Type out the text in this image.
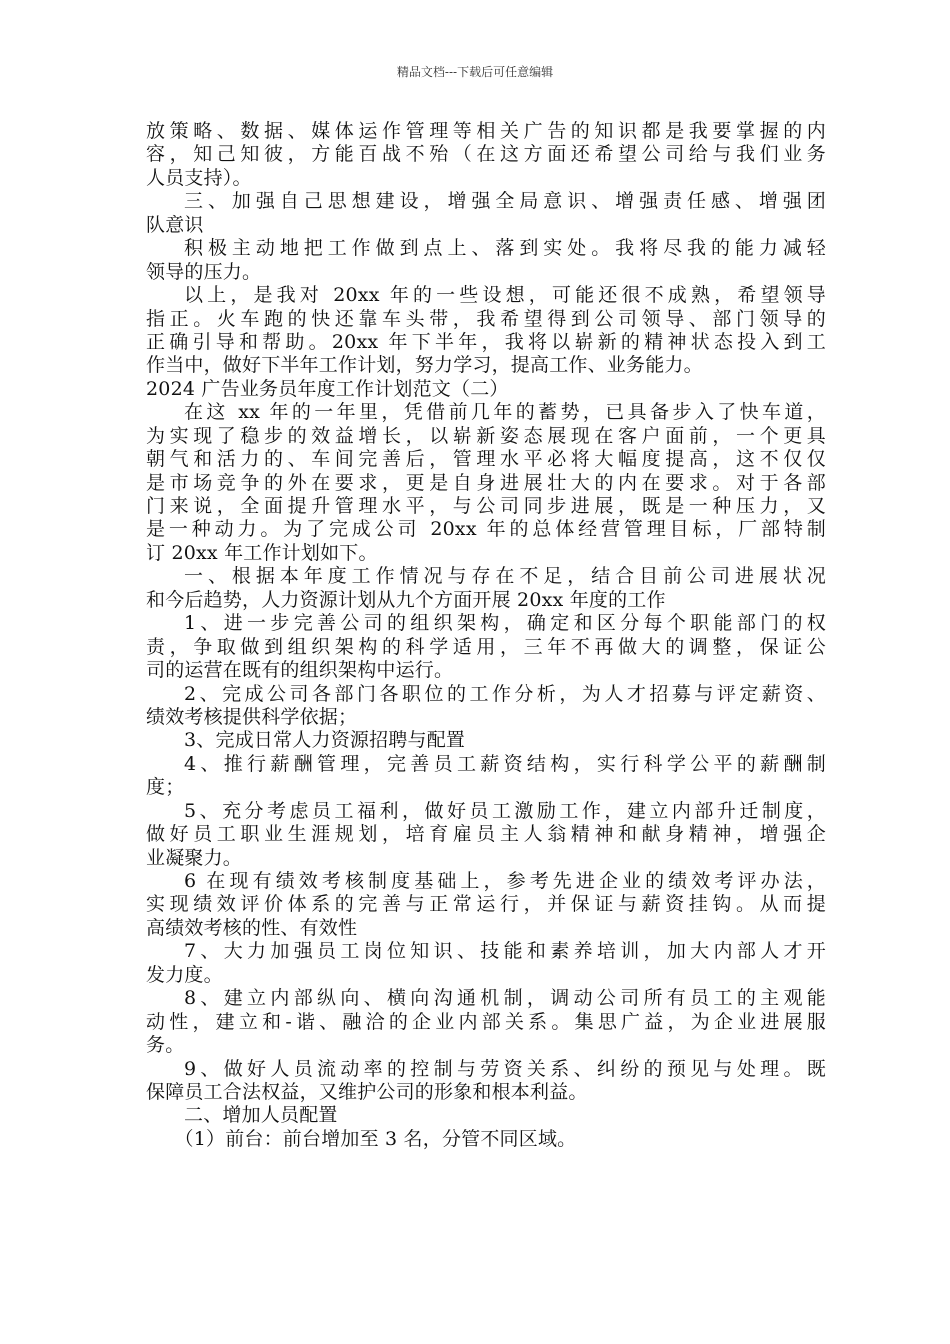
精品文档---下载后可任意编辑
放策略、数据、媒体运作管理等相关广告的知识都是我要掌握的内
容，知己知彼，方能百战不殆（在这方面还希望公司给与我们业务
人员支持）。
三、加强自己思想建设，增强全局意识、增强责任感、增强团
队意识
积极主动地把工作做到点上、落到实处。我将尽我的能力减轻
领导的压力。
以上，是我对 20xx 年的一些设想，可能还很不成熟，希望领导
指正。火车跑的快还靠车头带，我希望得到公司领导、部门领导的
正确引导和帮助。20xx 年下半年，我将以崭新的精神状态投入到工
作当中，做好下半年工作计划，努力学习，提高工作、业务能力。
2024 广告业务员年度工作计划范文（二）
在这 xx 年的一年里，凭借前几年的蓄势，已具备步入了快车道，
为实现了稳步的效益增长，以崭新姿态展现在客户面前，一个更具
朝气和活力的、车间完善后，管理水平必将大幅度提高，这不仅仅
是市场竞争的外在要求，更是自身进展壮大的内在要求。对于各部
门来说，全面提升管理水平，与公司同步进展，既是一种压力，又
是一种动力。为了完成公司 20xx 年的总体经营管理目标，厂部特制
订 20xx 年工作计划如下。
一、根据本年度工作情况与存在不足，结合目前公司进展状况
和今后趋势，人力资源计划从九个方面开展 20xx 年度的工作
1、进一步完善公司的组织架构，确定和区分每个职能部门的权
责，争取做到组织架构的科学适用，三年不再做大的调整，保证公
司的运营在既有的组织架构中运行。
2、完成公司各部门各职位的工作分析，为人才招募与评定薪资、
绩效考核提供科学依据；
3、完成日常人力资源招聘与配置
4、推行薪酬管理，完善员工薪资结构，实行科学公平的薪酬制
度；
5、充分考虑员工福利，做好员工激励工作，建立内部升迁制度，
做好员工职业生涯规划，培育雇员主人翁精神和献身精神，增强企
业凝聚力。
6 在现有绩效考核制度基础上，参考先进企业的绩效考评办法，
实现绩效评价体系的完善与正常运行，并保证与薪资挂钩。从而提
高绩效考核的性、有效性
7、大力加强员工岗位知识、技能和素养培训，加大内部人才开
发力度。
8、建立内部纵向、横向沟通机制，调动公司所有员工的主观能
动性，建立和-谐、融洽的企业内部关系。集思广益，为企业进展服
务。
9、做好人员流动率的控制与劳资关系、纠纷的预见与处理。既
保障员工合法权益，又维护公司的形象和根本利益。
二、增加人员配置
（1）前台：前台增加至 3 名，分管不同区域。
